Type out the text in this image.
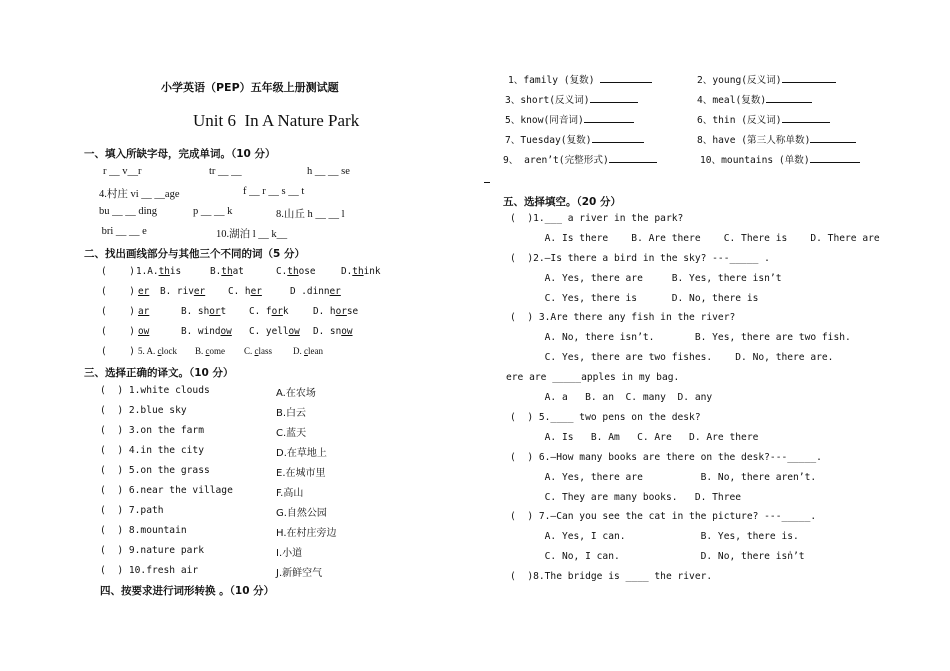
小学英语（PEP）五年级上册测试题
Unit 6  In A Nature Park
一、填入所缺字母，完成单词。（10 分）
r __ v__r	tr __ __	h __ __ se
4.村庄 vi __ __age	f __ r __ s __ t
bu __ __ ding	p __ __ k	8.山丘 h __ __ l
bri __ __ e	10.湖泊 l __ k__
二、找出画线部分与其他三个不同的词（5 分）
(    ) 1.A.this	B.that	C.those	D.think
(    ) er B. river C. her	D .dinner
(    ) ar	B. short C. fork	D. horse
(    ) ow	B. window C. yellow D. snow
(    ) 5. A. clock B. come C. class D. clean
三、选择正确的译文。（10 分）
(  ) 1.white clouds	A.在农场
(  ) 2.blue sky	B.白云
(  ) 3.on the farm	C.蓝天
(  ) 4.in the city	D.在草地上
(  ) 5.on the grass	E.在城市里
(  ) 6.near the village	F.高山
(  ) 7.path	G.自然公园
(  ) 8.mountain	H.在村庄旁边
(  ) 9.nature park	I.小道
(  ) 10.fresh air	J.新鲜空气
四、按要求进行词形转换 。（10 分）
1、family (复数)	2、young(反义词)
3、short(反义词)	4、meal(复数)
5、know(同音词)	6、thin (反义词)
7、Tuesday(复数)	8、have (第三人称单数)
9、 aren’t(完整形式)	10、mountains (单数)
五、选择填空。（20 分）
(  )1.___ a river in the park?
A. Is there    B. Are there    C. There is    D. There are
(  )2.—Is there a bird in the sky? ---_____ .
A. Yes, there are     B. Yes, there isn’t
C. Yes, there is      D. No, there is
(  ) 3.Are there any fish in the river?
A. No, there isn’t.       B. Yes, there are two fish.
C. Yes, there are two fishes.    D. No, there are.
ere are _____apples in my bag.
A. a   B. an  C. many  D. any
(  ) 5.____ two pens on the desk?
A. Is   B. Am   C. Are   D. Are there
(  ) 6.—How many books are there on the desk?---_____.
A. Yes, there are          B. No, there aren’t.
C. They are many books.   D. Three
(  ) 7.—Can you see the cat in the picture? ---_____.
A. Yes, I can.             B. Yes, there is.
C. No, I can.              D. No, there isn̍’t
(  )8.The bridge is ____ the river.
